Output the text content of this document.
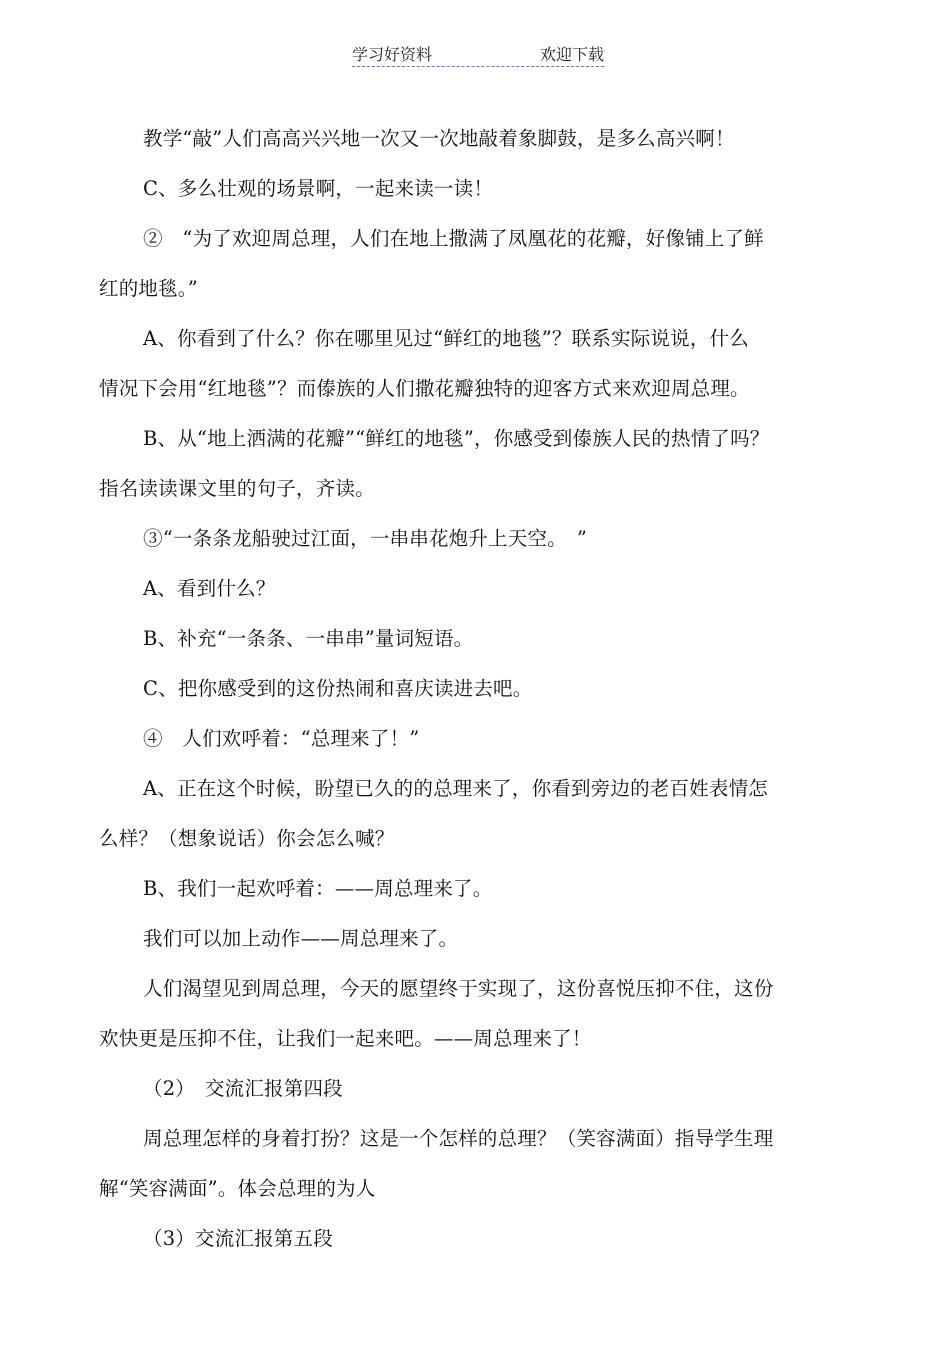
学习好资料	欢迎下载
教学“敲”人们高高兴兴地一次又一次地敲着象脚鼓，是多么高兴啊！
C、多么壮观的场景啊，一起来读一读！
②　“为了欢迎周总理，人们在地上撒满了凤凰花的花瓣，好像铺上了鲜
红的地毯。”
A、你看到了什么？你在哪里见过“鲜红的地毯”？联系实际说说，什么
情况下会用“红地毯”？而傣族的人们撒花瓣独特的迎客方式来欢迎周总理。
B、从“地上洒满的花瓣”“鲜红的地毯”，你感受到傣族人民的热情了吗？
指名读读课文里的句子，齐读。
③“一条条龙船驶过江面，一串串花炮升上天空。　”
A、看到什么？
B、补充“一条条、一串串”量词短语。
C、把你感受到的这份热闹和喜庆读进去吧。
④　人们欢呼着：“总理来了！”
A、正在这个时候，盼望已久的的总理来了，你看到旁边的老百姓表情怎
么样？（想象说话）你会怎么喊？
B、我们一起欢呼着：——周总理来了。
我们可以加上动作——周总理来了。
人们渴望见到周总理，今天的愿望终于实现了，这份喜悦压抑不住，这份
欢快更是压抑不住，让我们一起来吧。——周总理来了！
（2）　交流汇报第四段
周总理怎样的身着打扮？这是一个怎样的总理？（笑容满面）指导学生理
解“笑容满面”。体会总理的为人
（3）交流汇报第五段
